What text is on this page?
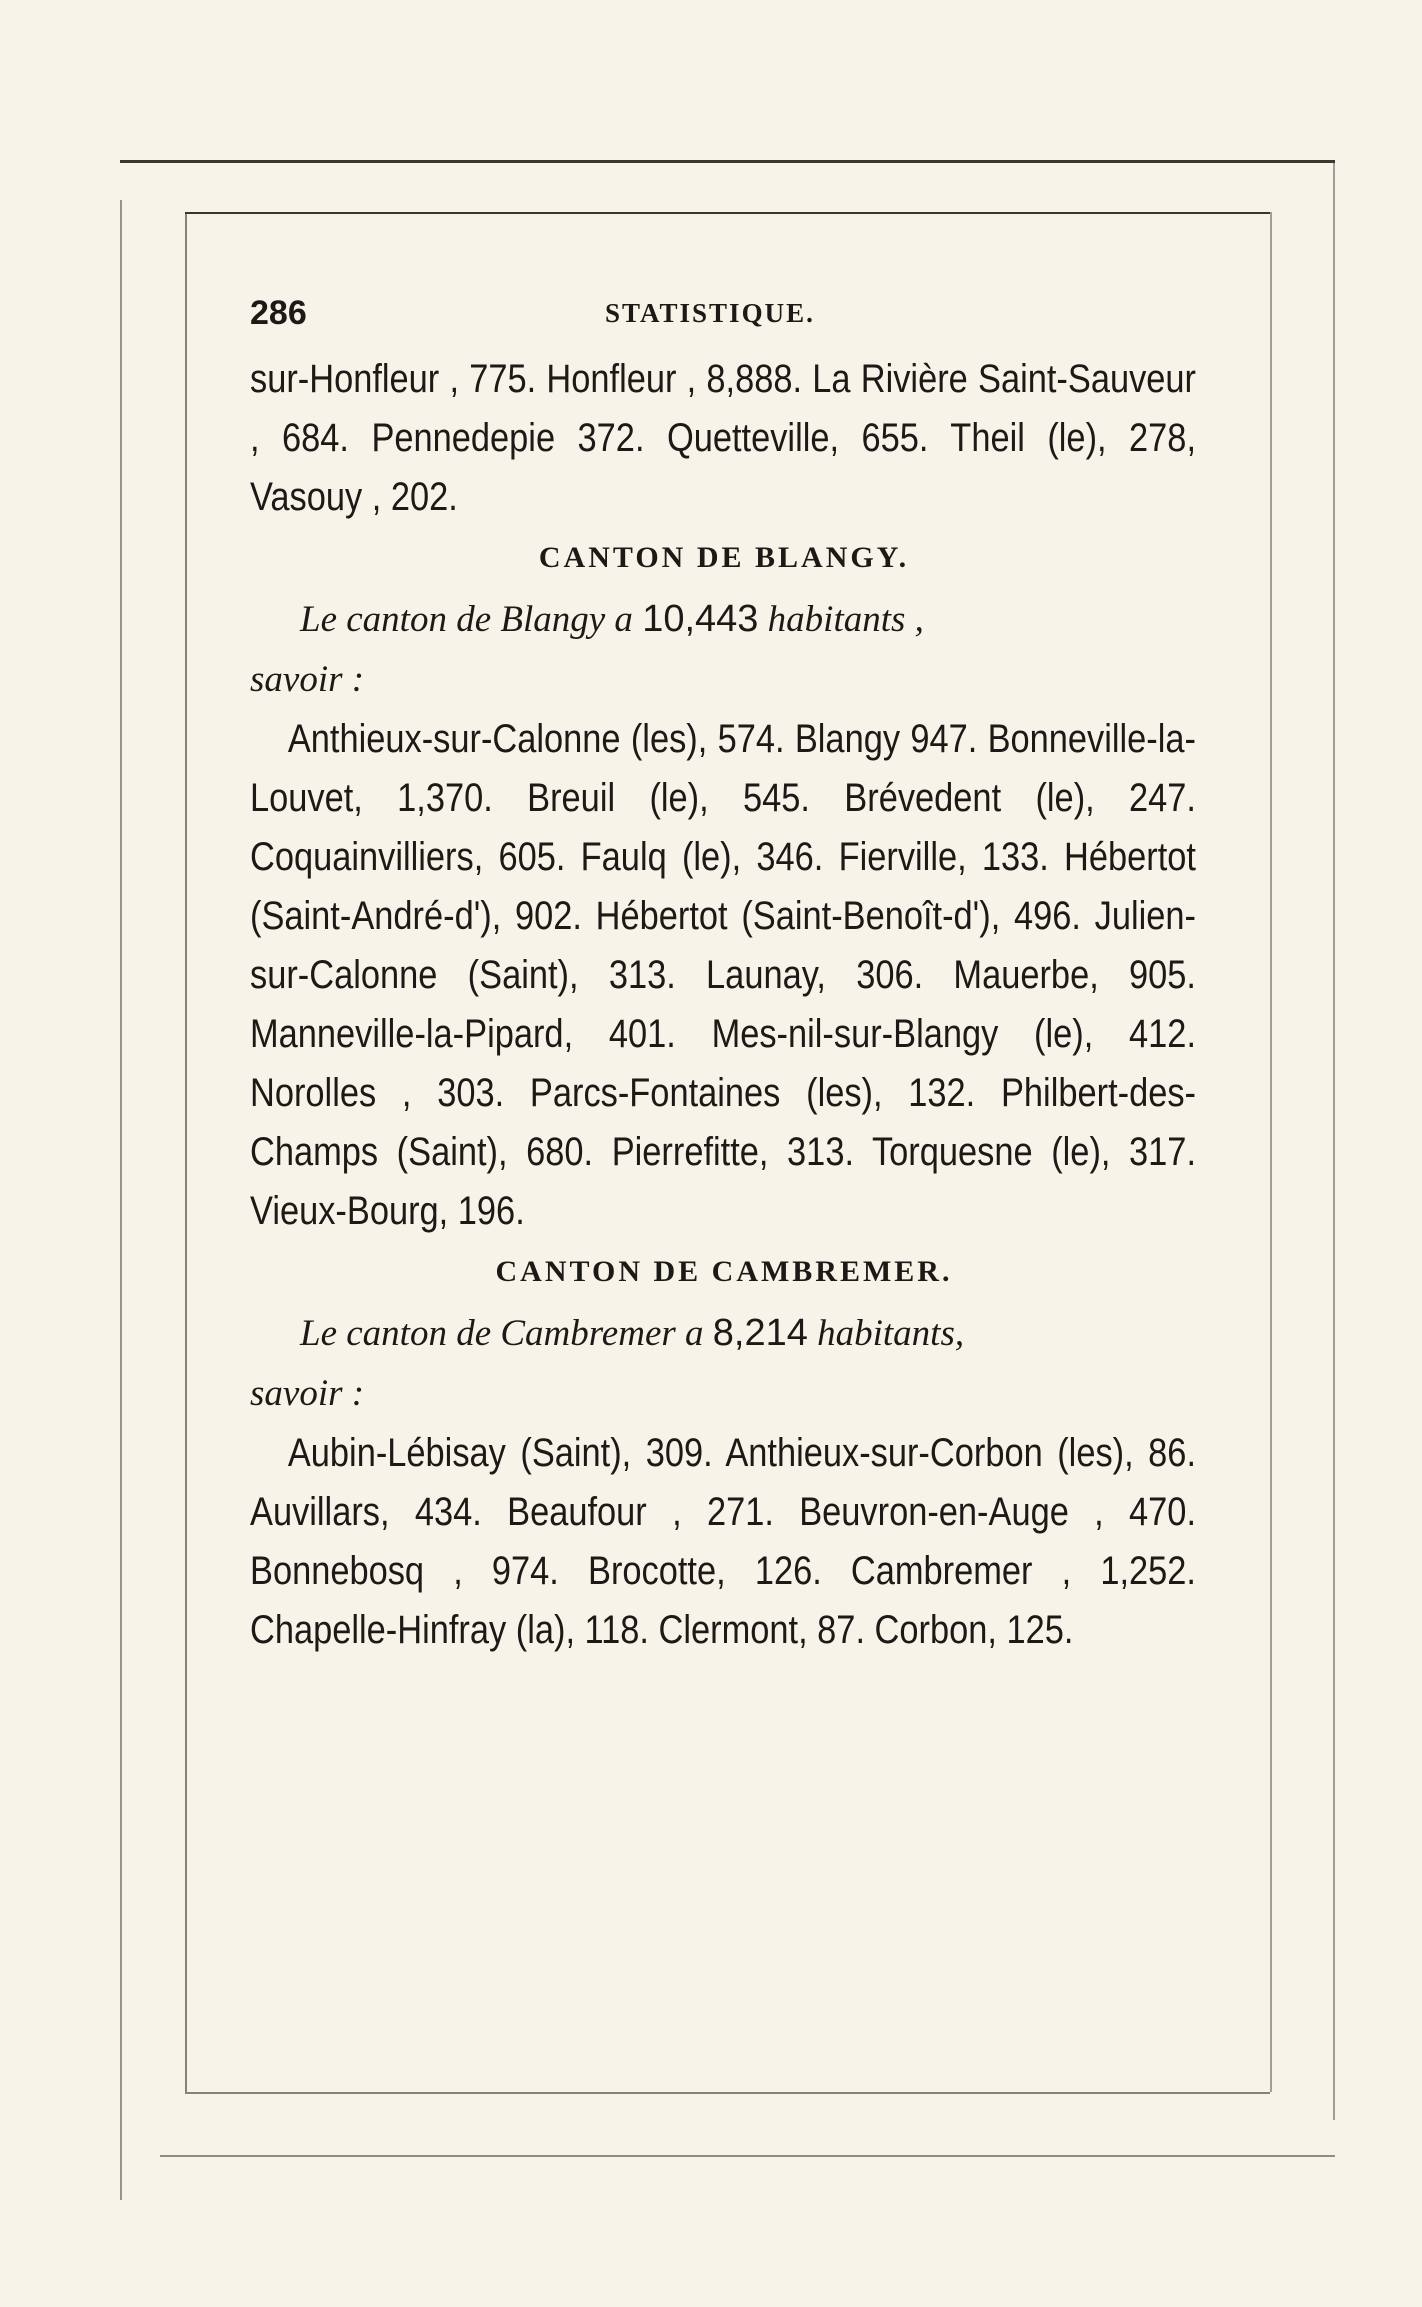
286	STATISTIQUE.

sur-Honfleur , 775. Honfleur , 8,888. La Rivière Saint-Sauveur , 684. Pennedepie 372. Quetteville, 655. Theil (le), 278, Vasouy , 202.

CANTON DE BLANGY.

Le canton de Blangy a 10,443 habitants ,

savoir :

Anthieux-sur-Calonne (les), 574. Blangy 947. Bonneville-la-Louvet, 1,370. Breuil (le), 545. Brévedent (le), 247. Coquainvilliers, 605. Faulq (le), 346. Fierville, 133. Hébertot (Saint-André-d'), 902. Hébertot (Saint-Benoît-d'), 496. Julien-sur-Calonne (Saint), 313. Launay, 306. Mauerbe, 905. Manneville-la-Pipard, 401. Mes-nil-sur-Blangy (le), 412. Norolles , 303. Parcs-Fontaines (les), 132. Philbert-des-Champs (Saint), 680. Pierrefitte, 313. Torquesne (le), 317. Vieux-Bourg, 196.

CANTON DE CAMBREMER.

Le canton de Cambremer a 8,214 habitants,

savoir :

Aubin-Lébisay (Saint), 309. Anthieux-sur-Corbon (les), 86. Auvillars, 434. Beaufour , 271. Beuvron-en-Auge , 470. Bonnebosq , 974. Brocotte, 126. Cambremer , 1,252. Chapelle-Hinfray (la), 118. Clermont, 87. Corbon, 125.
